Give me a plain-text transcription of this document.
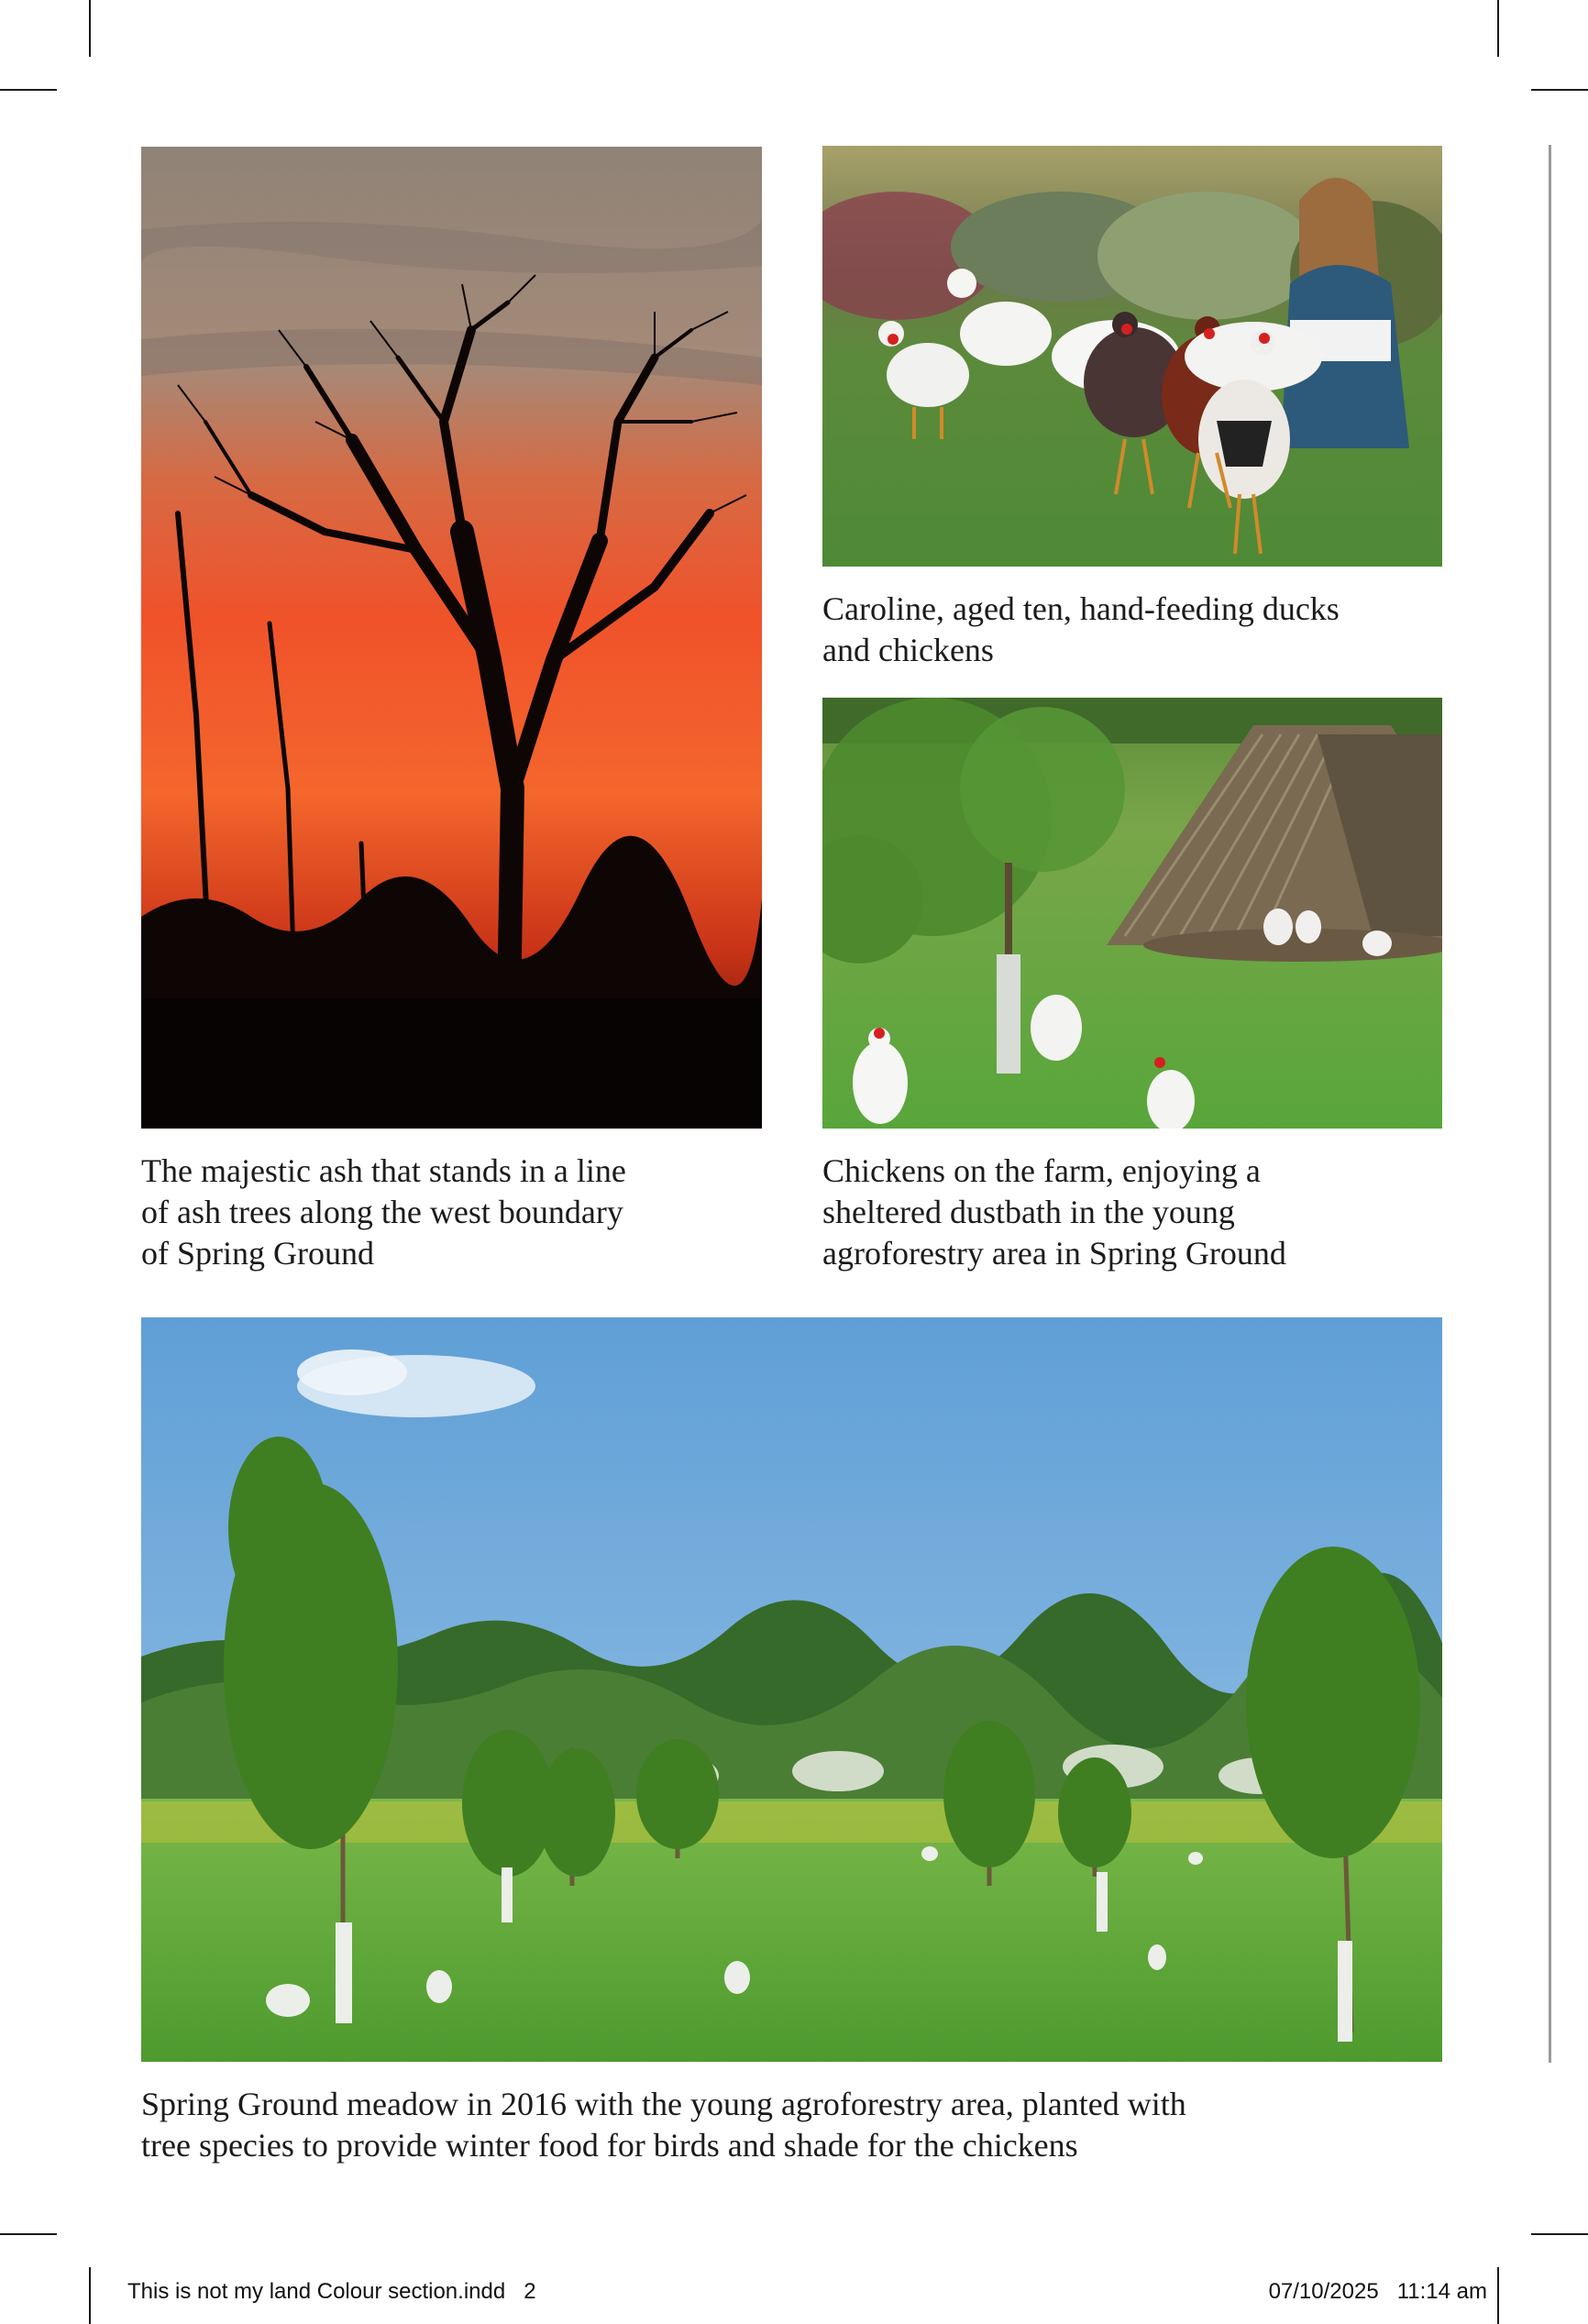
Caroline, aged ten, hand-feeding ducks
and chickens

The majestic ash that stands in a line
of ash trees along the west boundary
of Spring Ground

Chickens on the farm, enjoying a
sheltered dustbath in the young
agroforestry area in Spring Ground

Spring Ground meadow in 2016 with the young agroforestry area, planted with
tree species to provide winter food for birds and shade for the chickens

This is not my land Colour section.indd 2	07/10/2025 11:14 am
